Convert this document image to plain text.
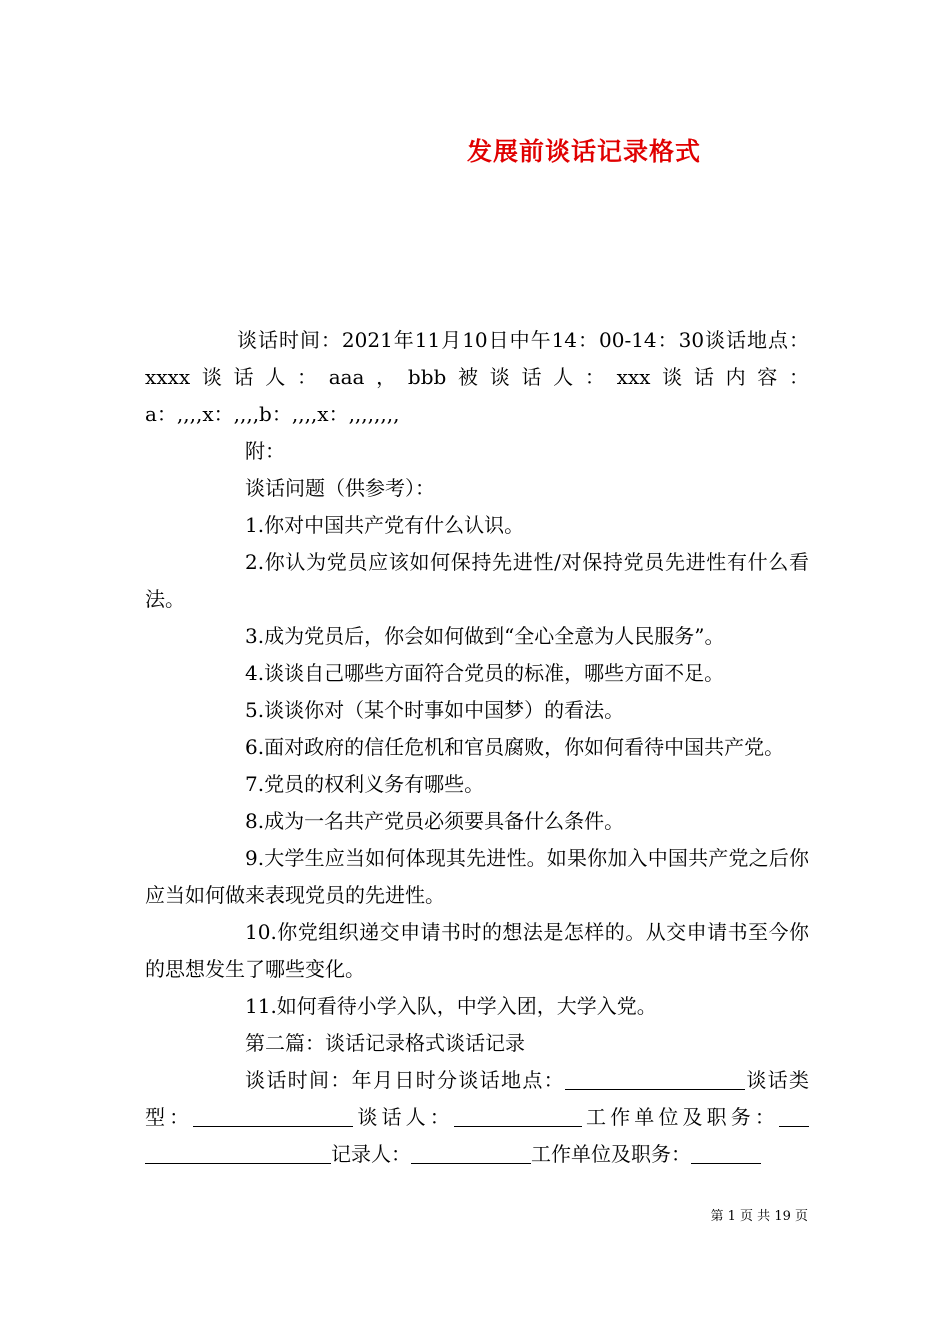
发展前谈话记录格式

谈话时间：2021年11月10日中午14：00-14：30谈话地点：xxxx谈话人：aaa，bbb被谈话人：xxx谈话内容：a：,,,,x：,,,,b：,,,,x：,,,,,,,,

附：

谈话问题（供参考）：

1.你对中国共产党有什么认识。

2.你认为党员应该如何保持先进性/对保持党员先进性有什么看法。

3.成为党员后，你会如何做到“全心全意为人民服务”。

4.谈谈自己哪些方面符合党员的标准，哪些方面不足。

5.谈谈你对（某个时事如中国梦）的看法。

6.面对政府的信任危机和官员腐败，你如何看待中国共产党。

7.党员的权利义务有哪些。

8.成为一名共产党员必须要具备什么条件。

9.大学生应当如何体现其先进性。如果你加入中国共产党之后你应当如何做来表现党员的先进性。

10.你党组织递交申请书时的想法是怎样的。从交申请书至今你的思想发生了哪些变化。

11.如何看待小学入队，中学入团，大学入党。

第二篇：谈话记录格式谈话记录

谈话时间：年月日时分谈话地点：	谈话类型：	谈话人：	工作单位及职务：记录人：	工作单位及职务：

第 1 页 共 19 页
